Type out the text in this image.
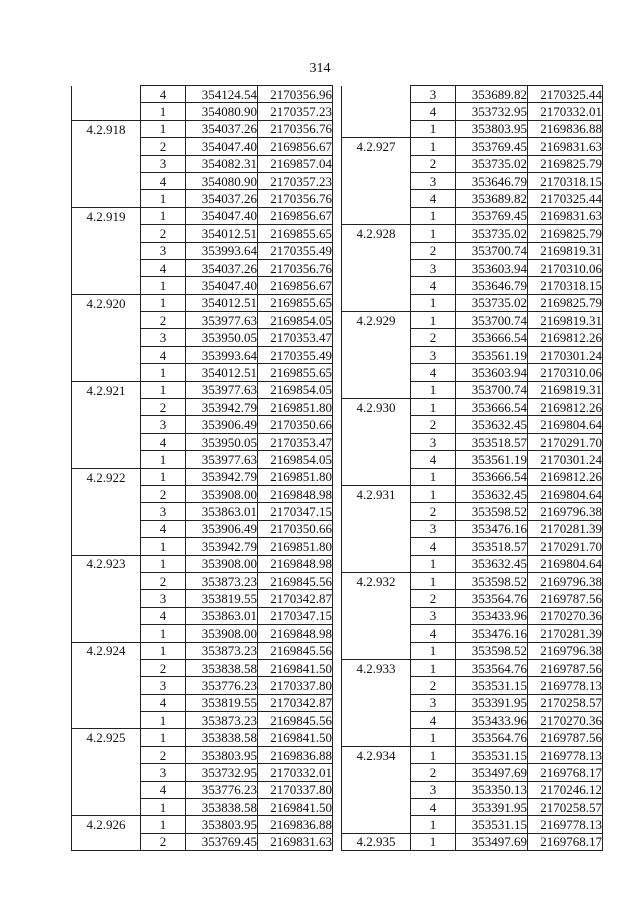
314
	4	354124.54	2170356.96
	1	354080.90	2170357.23
4.2.918	1	354037.26	2170356.76
	2	354047.40	2169856.67
	3	354082.31	2169857.04
	4	354080.90	2170357.23
	1	354037.26	2170356.76
4.2.919	1	354047.40	2169856.67
	2	354012.51	2169855.65
	3	353993.64	2170355.49
	4	354037.26	2170356.76
	1	354047.40	2169856.67
4.2.920	1	354012.51	2169855.65
	2	353977.63	2169854.05
	3	353950.05	2170353.47
	4	353993.64	2170355.49
	1	354012.51	2169855.65
4.2.921	1	353977.63	2169854.05
	2	353942.79	2169851.80
	3	353906.49	2170350.66
	4	353950.05	2170353.47
	1	353977.63	2169854.05
4.2.922	1	353942.79	2169851.80
	2	353908.00	2169848.98
	3	353863.01	2170347.15
	4	353906.49	2170350.66
	1	353942.79	2169851.80
4.2.923	1	353908.00	2169848.98
	2	353873.23	2169845.56
	3	353819.55	2170342.87
	4	353863.01	2170347.15
	1	353908.00	2169848.98
4.2.924	1	353873.23	2169845.56
	2	353838.58	2169841.50
	3	353776.23	2170337.80
	4	353819.55	2170342.87
	1	353873.23	2169845.56
4.2.925	1	353838.58	2169841.50
	2	353803.95	2169836.88
	3	353732.95	2170332.01
	4	353776.23	2170337.80
	1	353838.58	2169841.50
4.2.926	1	353803.95	2169836.88
	2	353769.45	2169831.63
	3	353689.82	2170325.44
	4	353732.95	2170332.01
	1	353803.95	2169836.88
4.2.927	1	353769.45	2169831.63
	2	353735.02	2169825.79
	3	353646.79	2170318.15
	4	353689.82	2170325.44
	1	353769.45	2169831.63
4.2.928	1	353735.02	2169825.79
	2	353700.74	2169819.31
	3	353603.94	2170310.06
	4	353646.79	2170318.15
	1	353735.02	2169825.79
4.2.929	1	353700.74	2169819.31
	2	353666.54	2169812.26
	3	353561.19	2170301.24
	4	353603.94	2170310.06
	1	353700.74	2169819.31
4.2.930	1	353666.54	2169812.26
	2	353632.45	2169804.64
	3	353518.57	2170291.70
	4	353561.19	2170301.24
	1	353666.54	2169812.26
4.2.931	1	353632.45	2169804.64
	2	353598.52	2169796.38
	3	353476.16	2170281.39
	4	353518.57	2170291.70
	1	353632.45	2169804.64
4.2.932	1	353598.52	2169796.38
	2	353564.76	2169787.56
	3	353433.96	2170270.36
	4	353476.16	2170281.39
	1	353598.52	2169796.38
4.2.933	1	353564.76	2169787.56
	2	353531.15	2169778.13
	3	353391.95	2170258.57
	4	353433.96	2170270.36
	1	353564.76	2169787.56
4.2.934	1	353531.15	2169778.13
	2	353497.69	2169768.17
	3	353350.13	2170246.12
	4	353391.95	2170258.57
	1	353531.15	2169778.13
4.2.935	1	353497.69	2169768.17
